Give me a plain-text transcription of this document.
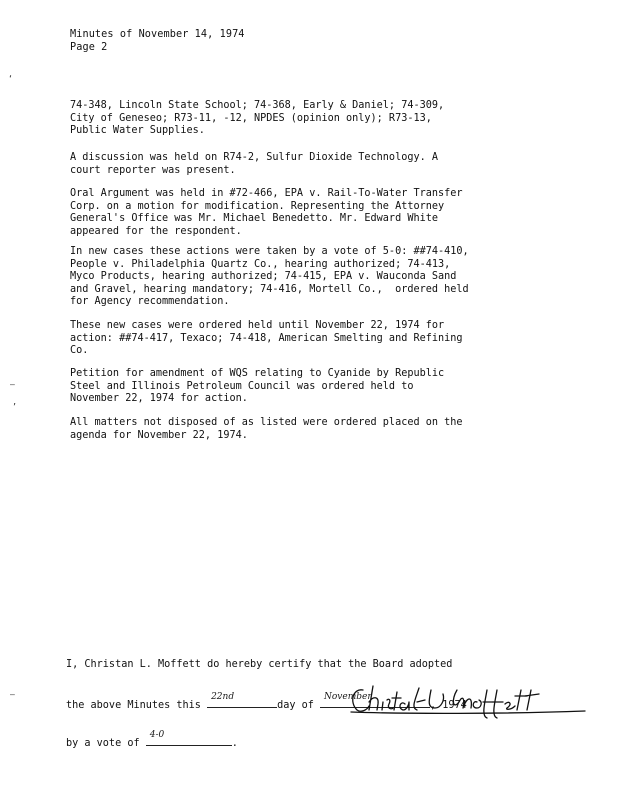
Minutes of November 14, 1974
Page 2
‘
–
’
–

74-348, Lincoln State School; 74-368, Early & Daniel; 74-309,
City of Geneseo; R73-11, -12, NPDES (opinion only); R73-13,
Public Water Supplies.

A discussion was held on R74-2, Sulfur Dioxide Technology. A
court reporter was present.

Oral Argument was held in #72-466, EPA v. Rail-To-Water Transfer
Corp. on a motion for modification. Representing the Attorney
General's Office was Mr. Michael Benedetto. Mr. Edward White
appeared for the respondent.

In new cases these actions were taken by a vote of 5-0: ##74-410,
People v. Philadelphia Quartz Co., hearing authorized; 74-413,
Myco Products, hearing authorized; 74-415, EPA v. Wauconda Sand
and Gravel, hearing mandatory; 74-416, Mortell Co.,  ordered held
for Agency recommendation.

These new cases were ordered held until November 22, 1974 for
action: ##74-417, Texaco; 74-418, American Smelting and Refining
Co.

Petition for amendment of WQS relating to Cyanide by Republic
Steel and Illinois Petroleum Council was ordered held to
November 22, 1974 for action.

All matters not disposed of as listed were ordered placed on the
agenda for November 22, 1974.

I, Christan L. Moffett do hereby certify that the Board adopted

the above Minutes this
22nd
day of
November
, 1974

by a vote of
4-0
.
